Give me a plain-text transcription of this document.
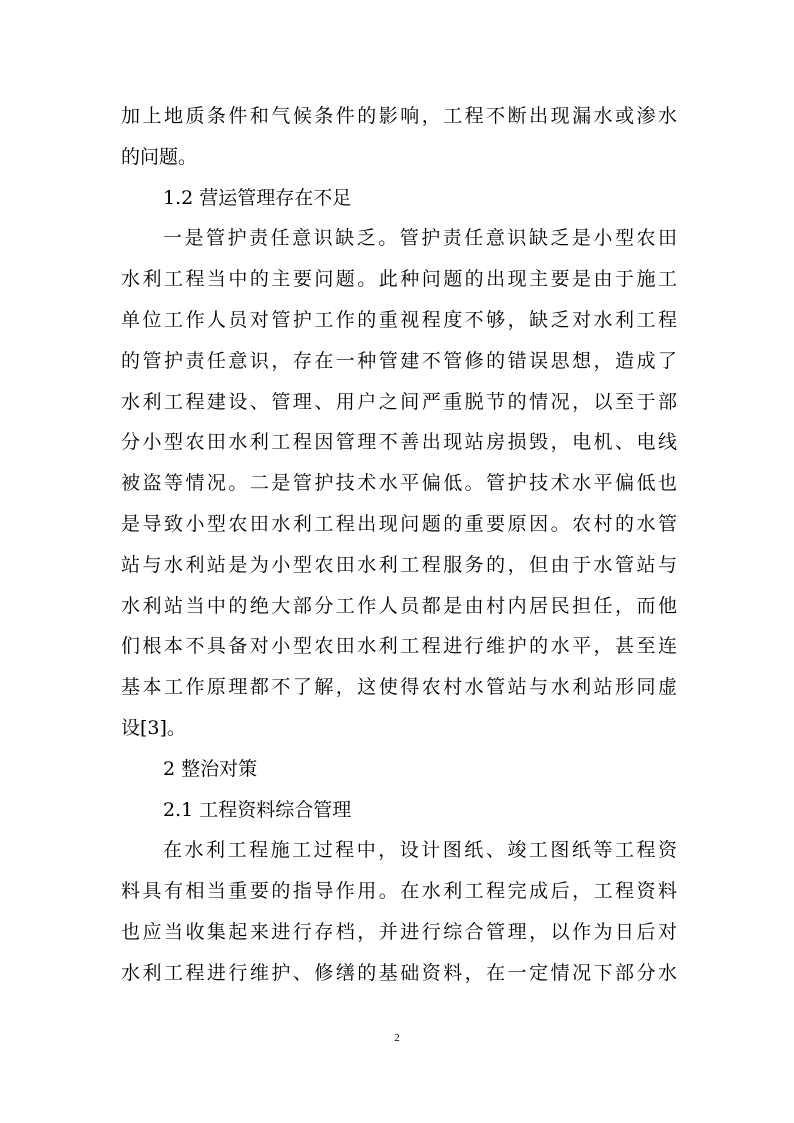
加上地质条件和气候条件的影响，工程不断出现漏水或渗水
的问题。
1.2 营运管理存在不足
一是管护责任意识缺乏。管护责任意识缺乏是小型农田
水利工程当中的主要问题。此种问题的出现主要是由于施工
单位工作人员对管护工作的重视程度不够，缺乏对水利工程
的管护责任意识，存在一种管建不管修的错误思想，造成了
水利工程建设、管理、用户之间严重脱节的情况，以至于部
分小型农田水利工程因管理不善出现站房损毁，电机、电线
被盗等情况。二是管护技术水平偏低。管护技术水平偏低也
是导致小型农田水利工程出现问题的重要原因。农村的水管
站与水利站是为小型农田水利工程服务的，但由于水管站与
水利站当中的绝大部分工作人员都是由村内居民担任，而他
们根本不具备对小型农田水利工程进行维护的水平，甚至连
基本工作原理都不了解，这使得农村水管站与水利站形同虚
设[3]。
2 整治对策
2.1 工程资料综合管理
在水利工程施工过程中，设计图纸、竣工图纸等工程资
料具有相当重要的指导作用。在水利工程完成后，工程资料
也应当收集起来进行存档，并进行综合管理，以作为日后对
水利工程进行维护、修缮的基础资料，在一定情况下部分水
2
